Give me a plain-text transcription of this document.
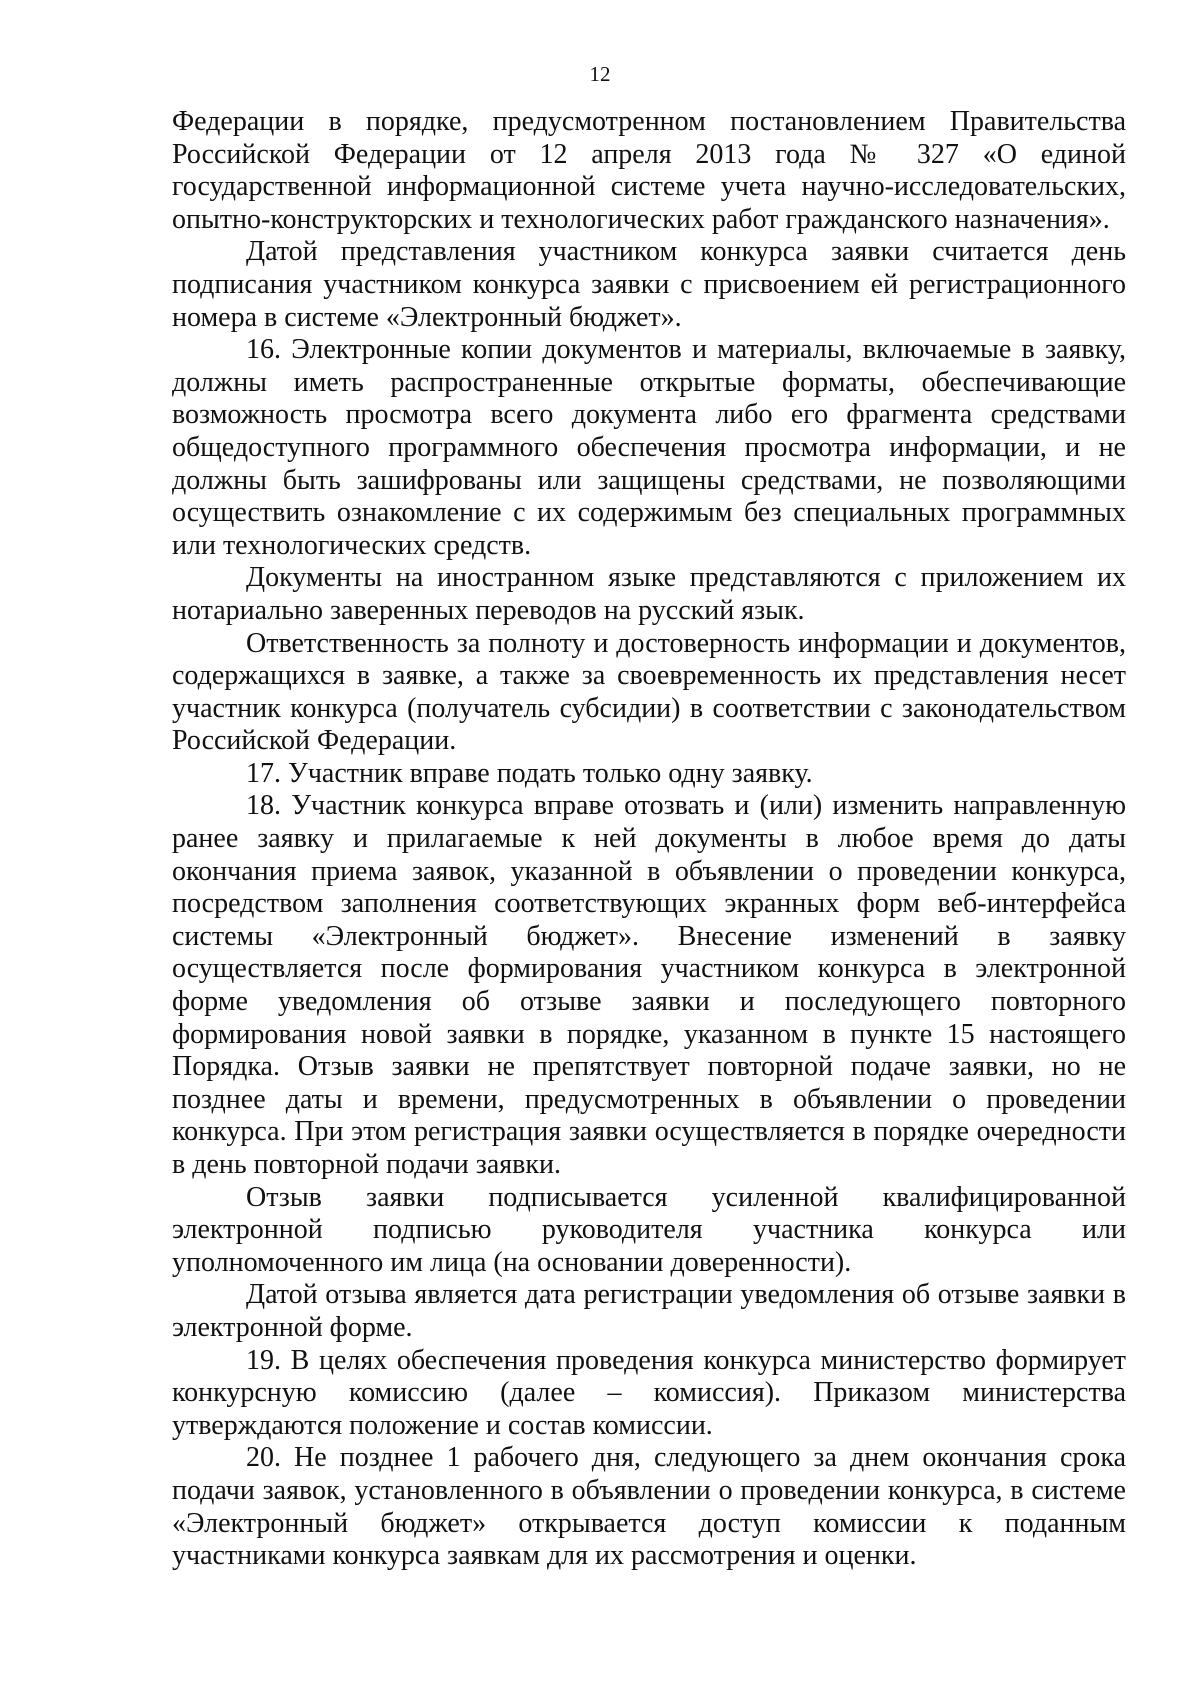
12

Федерации в порядке, предусмотренном постановлением Правительства Российской Федерации от 12 апреля 2013 года № 327 «О единой государственной информационной системе учета научно-исследовательских, опытно-конструкторских и технологических работ гражданского назначения».

Датой представления участником конкурса заявки считается день подписания участником конкурса заявки с присвоением ей регистрационного номера в системе «Электронный бюджет».

16. Электронные копии документов и материалы, включаемые в заявку, должны иметь распространенные открытые форматы, обеспечивающие возможность просмотра всего документа либо его фрагмента средствами общедоступного программного обеспечения просмотра информации, и не должны быть зашифрованы или защищены средствами, не позволяющими осуществить ознакомление с их содержимым без специальных программных или технологических средств.

Документы на иностранном языке представляются с приложением их нотариально заверенных переводов на русский язык.

Ответственность за полноту и достоверность информации и документов, содержащихся в заявке, а также за своевременность их представления несет участник конкурса (получатель субсидии) в соответствии с законодательством Российской Федерации.

17. Участник вправе подать только одну заявку.

18. Участник конкурса вправе отозвать и (или) изменить направленную ранее заявку и прилагаемые к ней документы в любое время до даты окончания приема заявок, указанной в объявлении о проведении конкурса, посредством заполнения соответствующих экранных форм веб-интерфейса системы «Электронный бюджет». Внесение изменений в заявку осуществляется после формирования участником конкурса в электронной форме уведомления об отзыве заявки и последующего повторного формирования новой заявки в порядке, указанном в пункте 15 настоящего Порядка. Отзыв заявки не препятствует повторной подаче заявки, но не позднее даты и времени, предусмотренных в объявлении о проведении конкурса. При этом регистрация заявки осуществляется в порядке очередности в день повторной подачи заявки.

Отзыв заявки подписывается усиленной квалифицированной электронной подписью руководителя участника конкурса или уполномоченного им лица (на основании доверенности).

Датой отзыва является дата регистрации уведомления об отзыве заявки в электронной форме.

19. В целях обеспечения проведения конкурса министерство формирует конкурсную комиссию (далее – комиссия). Приказом министерства утверждаются положение и состав комиссии.

20. Не позднее 1 рабочего дня, следующего за днем окончания срока подачи заявок, установленного в объявлении о проведении конкурса, в системе «Электронный бюджет» открывается доступ комиссии к поданным участниками конкурса заявкам для их рассмотрения и оценки.
